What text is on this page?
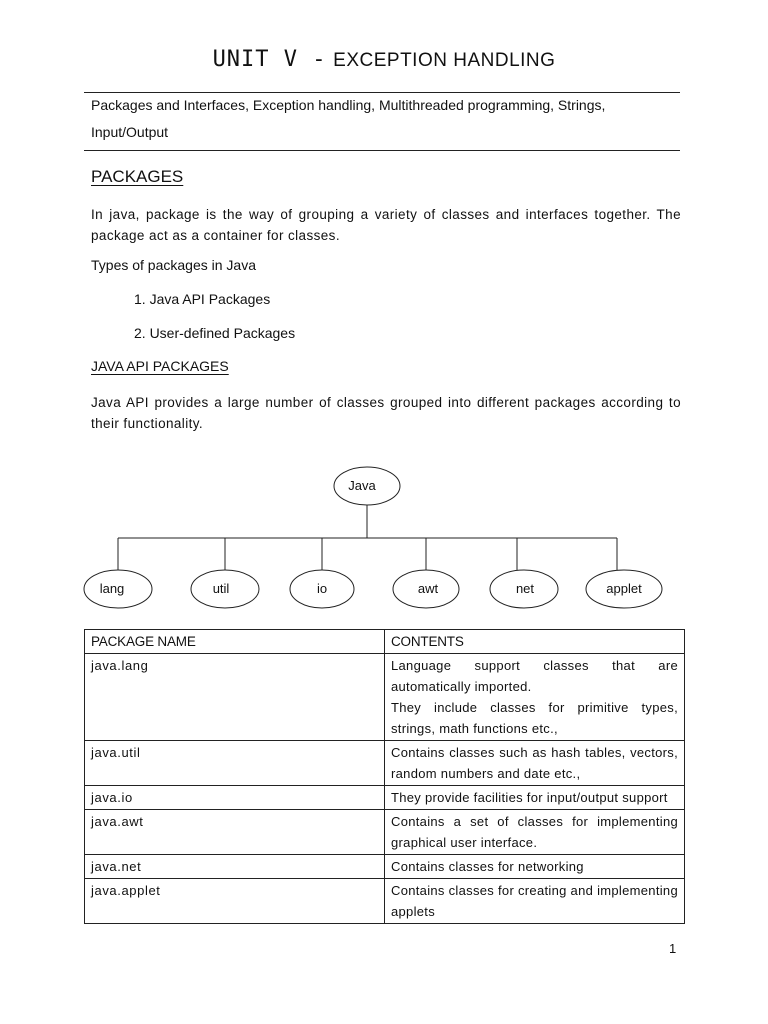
UNIT V - EXCEPTION HANDLING
Packages and Interfaces, Exception handling, Multithreaded programming, Strings, Input/Output
PACKAGES
In java, package is the way of grouping a variety of classes and interfaces together. The package act as a container for classes.
Types of packages in Java
1. Java API Packages
2. User-defined Packages
JAVA API PACKAGES
Java API provides a large number of classes grouped into different packages according to their functionality.
Java
lang	util	io	awt	net	applet
PACKAGE NAME	CONTENTS
java.lang	Language support classes that are automatically imported.
They include classes for primitive types, strings, math functions etc.,

java.util	Contains classes such as hash tables, vectors, random numbers and date etc.,

java.io	They provide facilities for input/output support

java.awt	Contains a set of classes for implementing graphical user interface.

java.net	Contains classes for networking

java.applet	Contains classes for creating and implementing applets
1
